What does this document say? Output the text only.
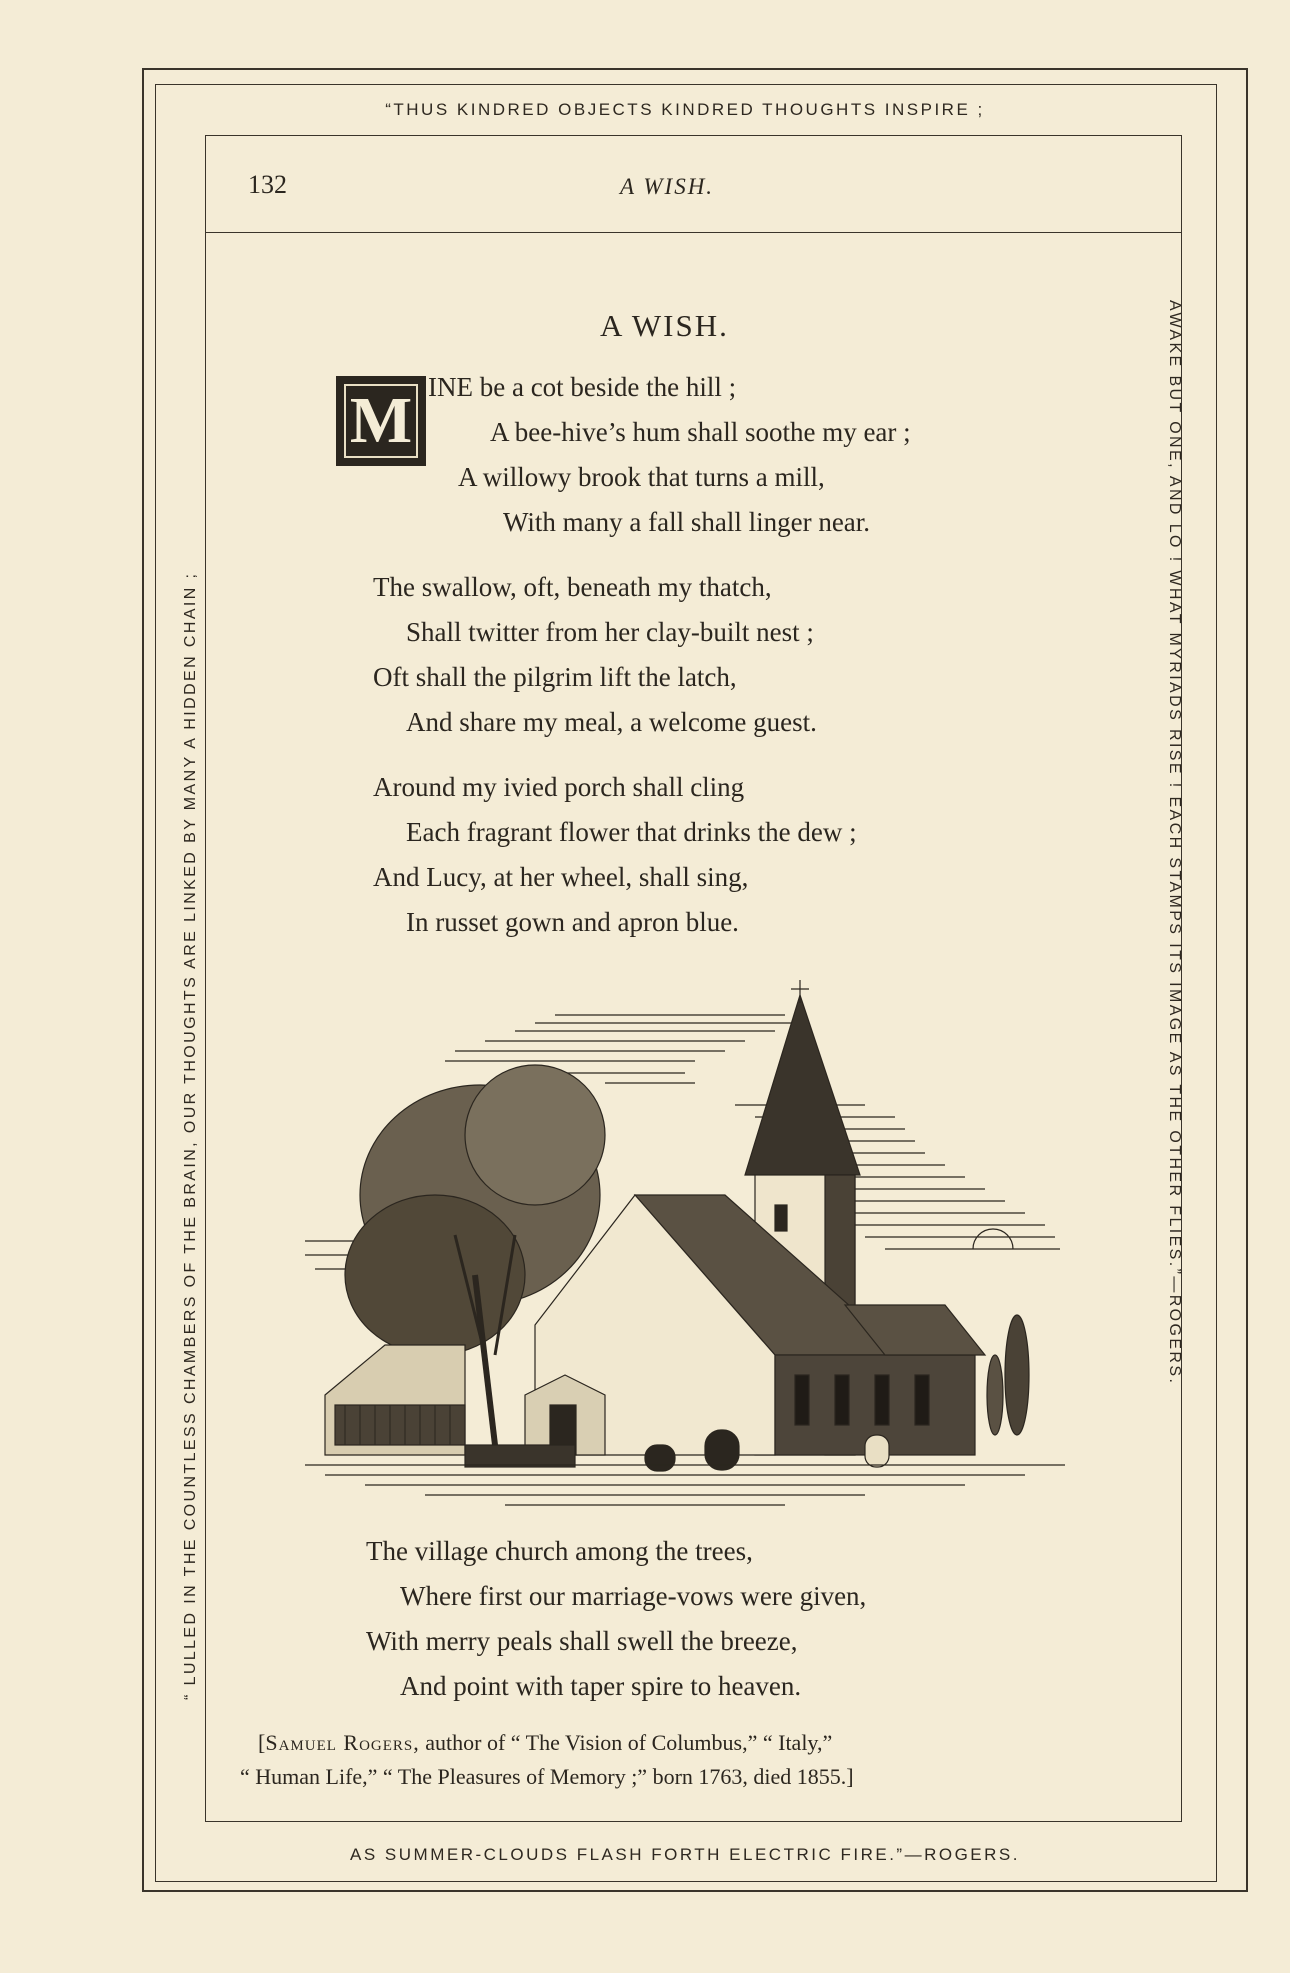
“THUS KINDRED OBJECTS KINDRED THOUGHTS INSPIRE ;
“ LULLED IN THE COUNTLESS CHAMBERS OF THE BRAIN, OUR THOUGHTS ARE LINKED BY MANY A HIDDEN CHAIN ;	AWAKE BUT ONE, AND LO ! WHAT MYRIADS RISE ! EACH STAMPS ITS IMAGE AS THE OTHER FLIES.”—ROGERS.
AS SUMMER-CLOUDS FLASH FORTH ELECTRIC FIRE.”—ROGERS.
132	A WISH.
A WISH.
M INE be a cot beside the hill ;
A bee-hive’s hum shall soothe my ear ;
A willowy brook that turns a mill,
With many a fall shall linger near.
The swallow, oft, beneath my thatch,
Shall twitter from her clay-built nest ;
Oft shall the pilgrim lift the latch,
And share my meal, a welcome guest.
Around my ivied porch shall cling
Each fragrant flower that drinks the dew ;
And Lucy, at her wheel, shall sing,
In russet gown and apron blue.
The village church among the trees,
Where first our marriage-vows were given,
With merry peals shall swell the breeze,
And point with taper spire to heaven.
[Samuel Rogers, author of “ The Vision of Columbus,” “ Italy,”
“ Human Life,” “ The Pleasures of Memory ;” born 1763, died 1855.]
